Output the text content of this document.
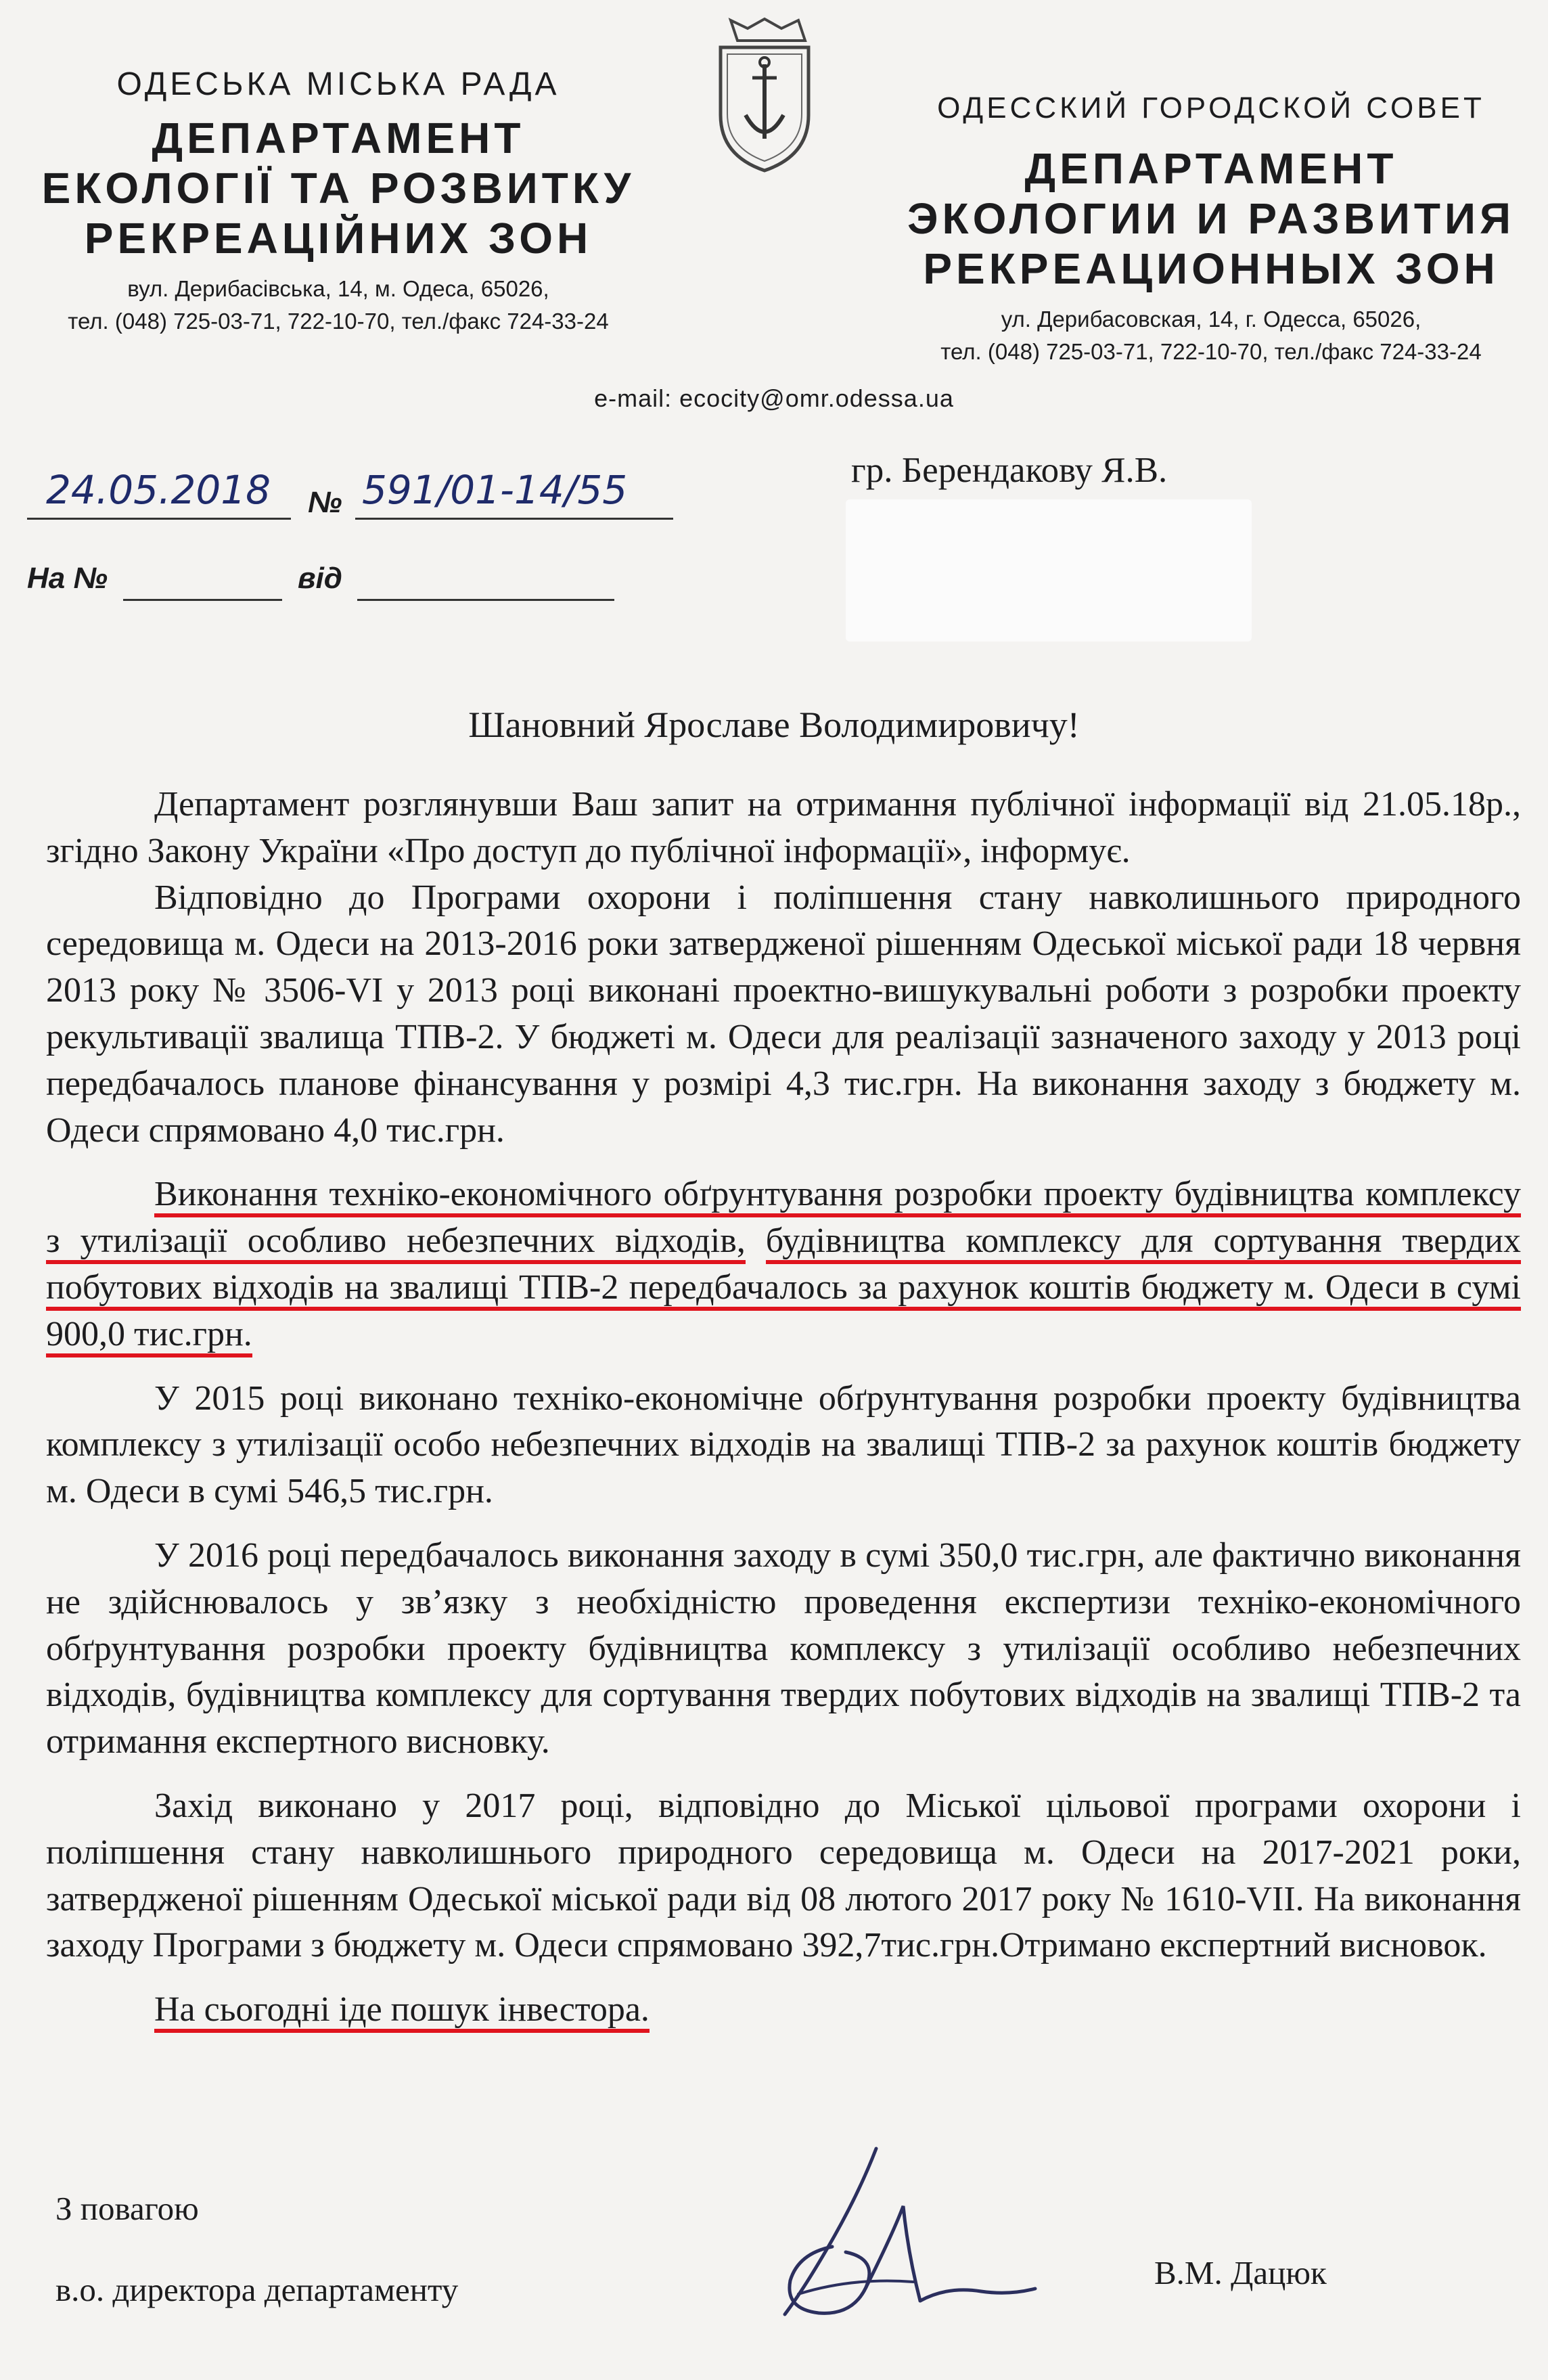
ОДЕСЬКА МІСЬКА РАДА
ДЕПАРТАМЕНТ
ЕКОЛОГІЇ ТА РОЗВИТКУ
РЕКРЕАЦІЙНИХ ЗОН
вул. Дерибасівська, 14, м. Одеса, 65026,
тел. (048) 725-03-71, 722-10-70, тел./факс 724-33-24
ОДЕССКИЙ ГОРОДСКОЙ СОВЕТ
ДЕПАРТАМЕНТ
ЭКОЛОГИИ И РАЗВИТИЯ
РЕКРЕАЦИОННЫХ ЗОН
ул. Дерибасовская, 14, г. Одесса, 65026,
тел. (048) 725-03-71, 722-10-70, тел./факс 724-33-24
e-mail: ecocity@omr.odessa.ua
24.05.2018 № 591/01-14/55
На №	від
гр. Берендакову Я.В.
Шановний Ярославе Володимировичу!

Департамент розглянувши Ваш запит на отримання публічної інформації від 21.05.18р., згідно Закону України «Про доступ до публічної інформації», інформує.

Відповідно до Програми охорони і поліпшення стану навколишнього природного середовища м. Одеси на 2013-2016 роки затвердженої рішенням Одеської міської ради 18 червня 2013 року № 3506-VI у 2013 році виконані проектно-вишукувальні роботи з розробки проекту рекультивації звалища ТПВ-2. У бюджеті м. Одеси для реалізації зазначеного заходу у 2013 році передбачалось планове фінансування у розмірі 4,3 тис.грн. На виконання заходу з бюджету м. Одеси спрямовано 4,0 тис.грн.

Виконання техніко-економічного обґрунтування розробки проекту будівництва комплексу з утилізації особливо небезпечних відходів, будівництва комплексу для сортування твердих побутових відходів на звалищі ТПВ-2 передбачалось за рахунок коштів бюджету м. Одеси в сумі 900,0 тис.грн.

У 2015 році виконано техніко-економічне обґрунтування розробки проекту будівництва комплексу з утилізації особо небезпечних відходів на звалищі ТПВ-2 за рахунок коштів бюджету м. Одеси в сумі 546,5 тис.грн.

У 2016 році передбачалось виконання заходу в сумі 350,0 тис.грн, але фактично виконання не здійснювалось у зв’язку з необхідністю проведення експертизи техніко-економічного обґрунтування розробки проекту будівництва комплексу з утилізації особливо небезпечних відходів, будівництва комплексу для сортування твердих побутових відходів на звалищі ТПВ-2 та отримання експертного висновку.

Захід виконано у 2017 році, відповідно до Міської цільової програми охорони і поліпшення стану навколишнього природного середовища м. Одеси на 2017-2021 роки, затвердженої рішенням Одеської міської ради від 08 лютого 2017 року № 1610-VII. На виконання заходу Програми з бюджету м. Одеси спрямовано 392,7тис.грн.Отримано експертний висновок.

На сьогодні іде пошук інвестора.

З повагою
в.о. директора департаменту	В.М. Дацюк
